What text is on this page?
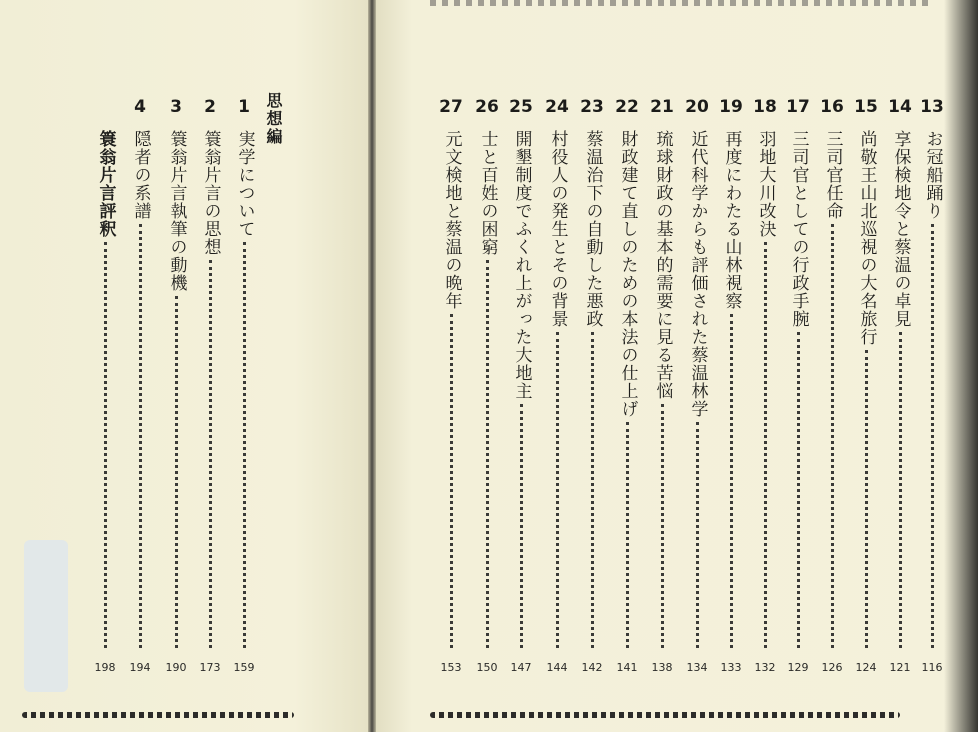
思想編
1
実学について
159
2
簑翁片言の思想
173
3
簑翁片言執筆の動機
190
4
隠者の系譜
194
簑翁片言評釈
198
13
お冠船踊り
116
14
享保検地令と蔡温の卓見
121
15
尚敬王山北巡視の大名旅行
124
16
三司官任命
126
17
三司官としての行政手腕
129
18
羽地大川改決
132
19
再度にわたる山林視察
133
20
近代科学からも評価された蔡温林学
134
21
琉球財政の基本的需要に見る苦悩
138
22
財政建て直しのための本法の仕上げ
141
23
蔡温治下の自動した悪政
142
24
村役人の発生とその背景
144
25
開墾制度でふくれ上がった大地主
147
26
士と百姓の困窮
150
27
元文検地と蔡温の晩年
153
